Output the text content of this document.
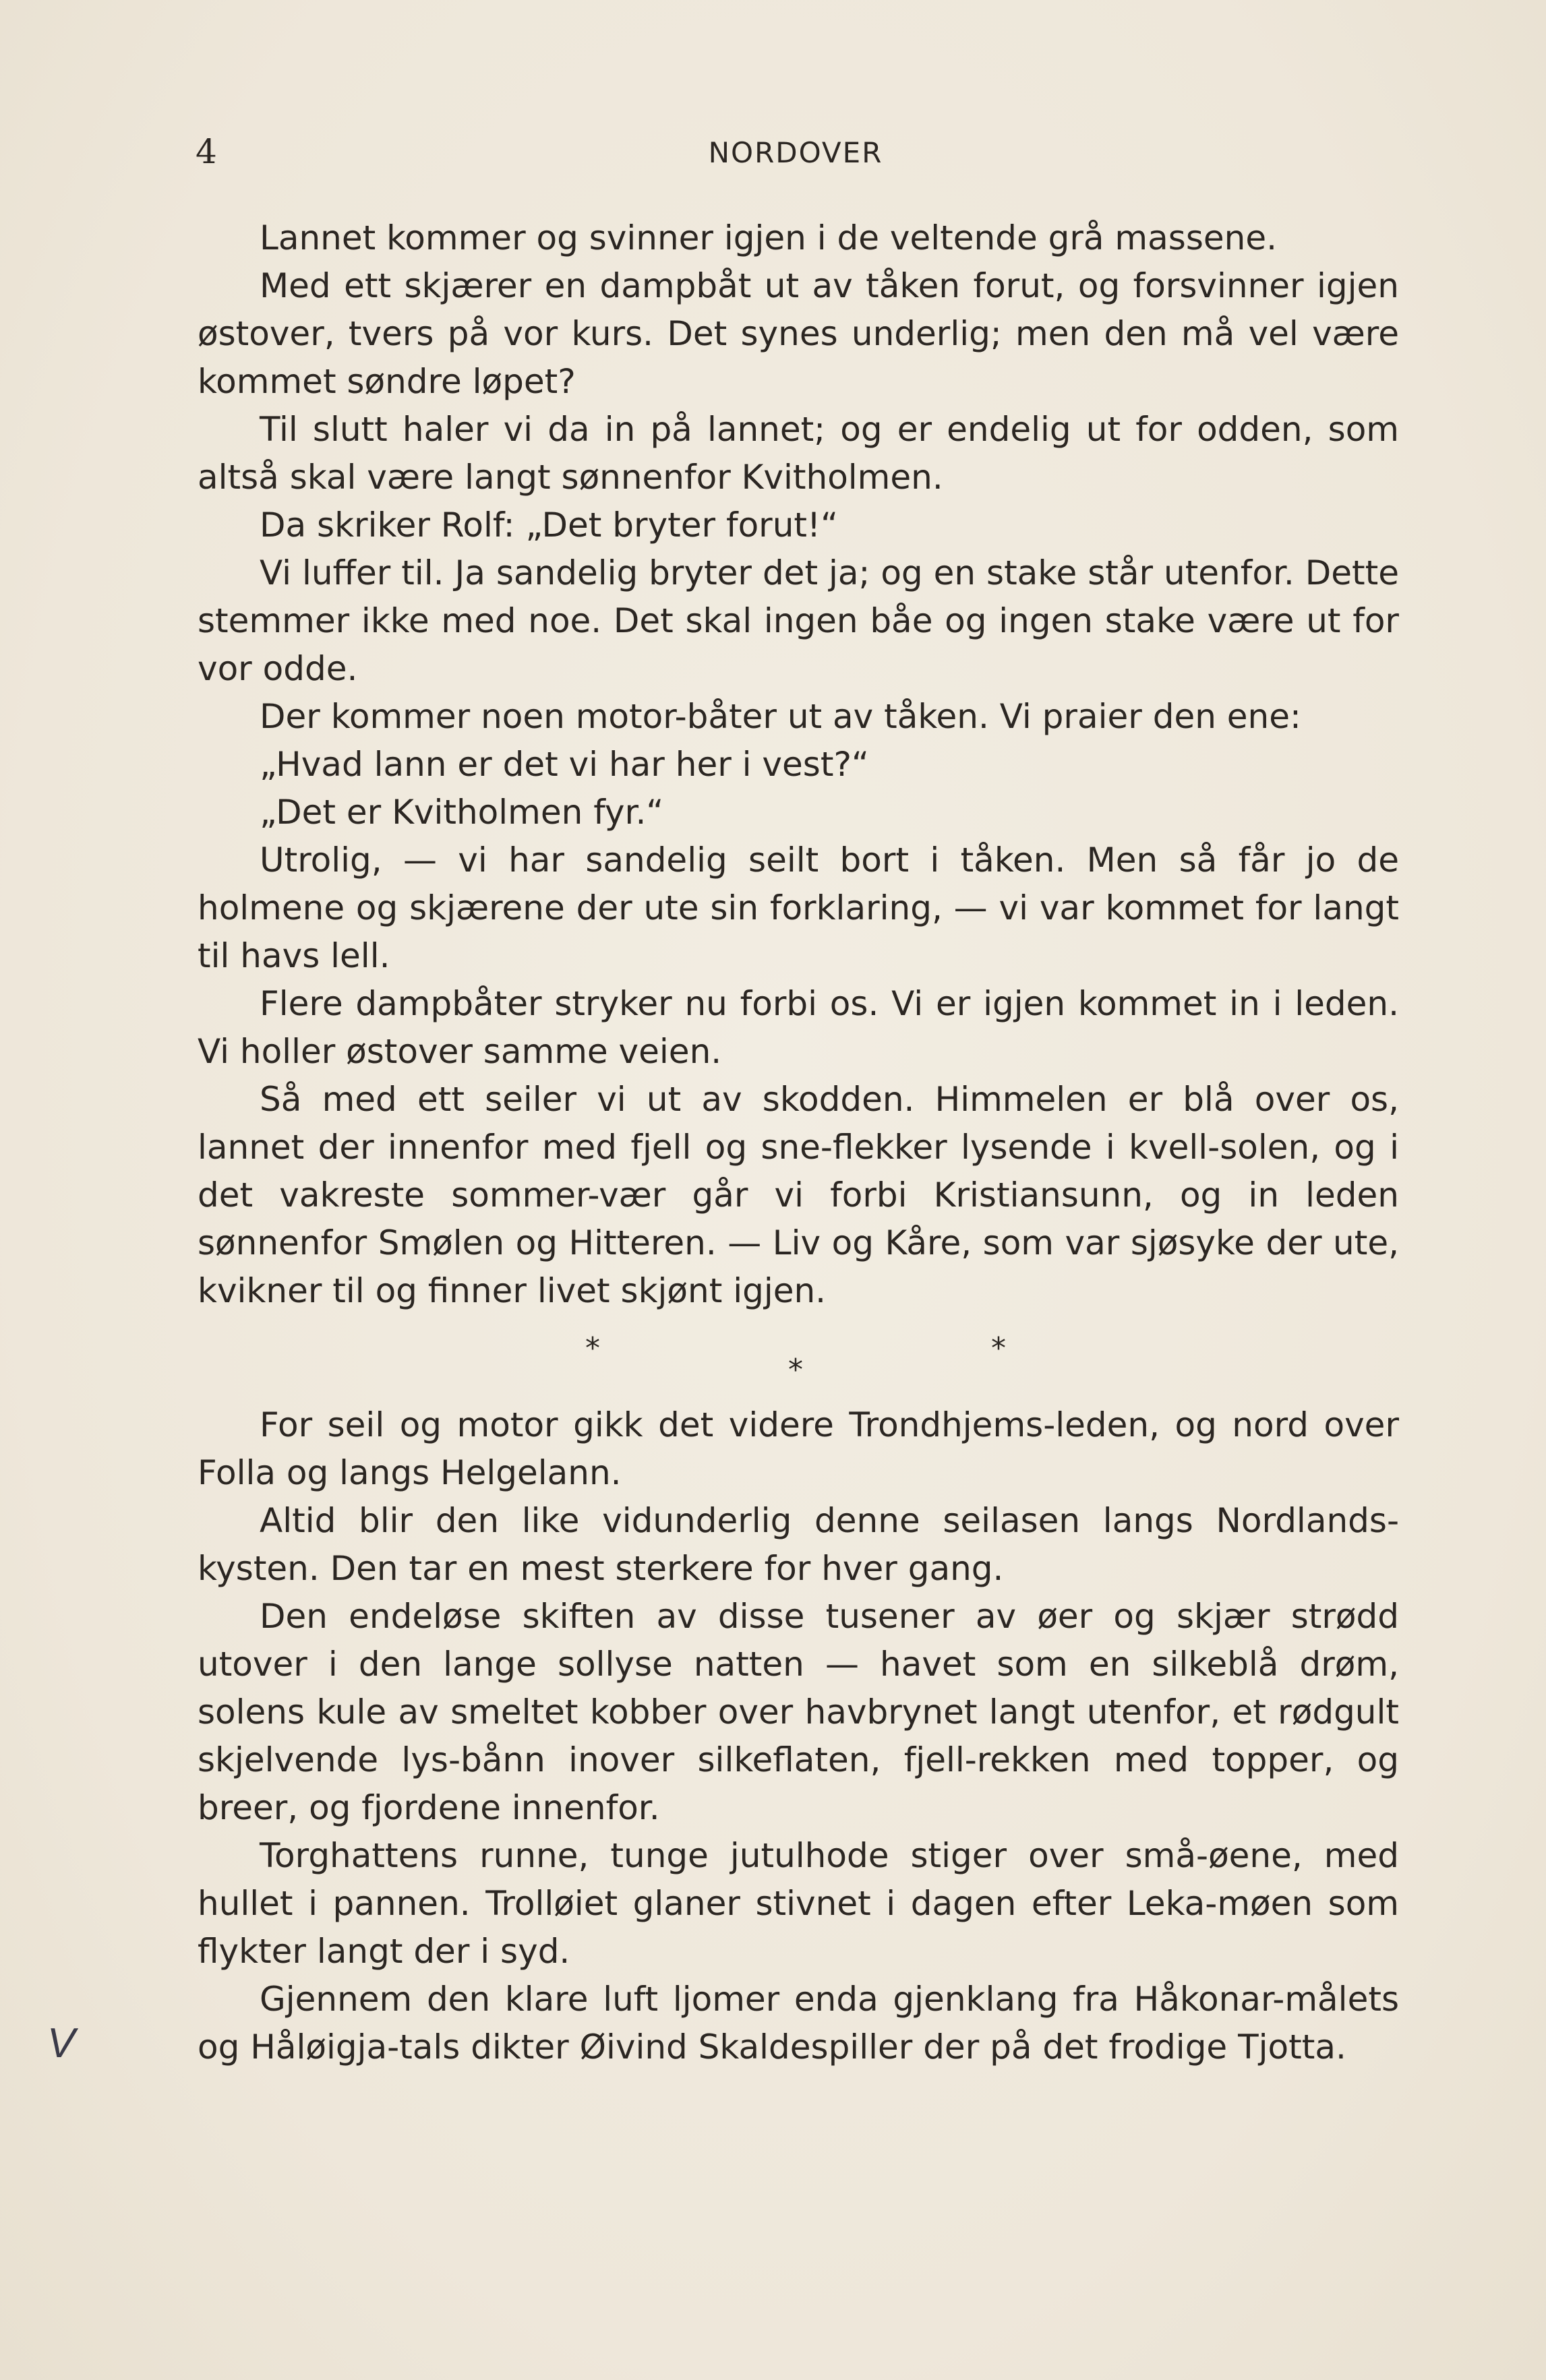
4	NORDOVER

Lannet kommer og svinner igjen i de veltende grå massene.

Med ett skjærer en dampbåt ut av tåken forut, og forsvinner igjen østover, tvers på vor kurs. Det synes underlig; men den må vel være kommet søndre løpet?

Til slutt haler vi da in på lannet; og er endelig ut for odden, som altså skal være langt sønnenfor Kvitholmen.

Da skriker Rolf: „Det bryter forut!“

Vi luffer til. Ja sandelig bryter det ja; og en stake står utenfor. Dette stemmer ikke med noe. Det skal ingen båe og ingen stake være ut for vor odde.

Der kommer noen motor-båter ut av tåken. Vi praier den ene:

„Hvad lann er det vi har her i vest?“

„Det er Kvitholmen fyr.“

Utrolig, — vi har sandelig seilt bort i tåken. Men så får jo de holmene og skjærene der ute sin forklaring, — vi var kommet for langt til havs lell.

Flere dampbåter stryker nu forbi os. Vi er igjen kommet in i leden. Vi holler østover samme veien.

Så med ett seiler vi ut av skodden. Himmelen er blå over os, lannet der innenfor med fjell og sne-flekker lysende i kvell-solen, og i det vakreste sommer-vær går vi forbi Kristiansunn, og in leden sønnenfor Smølen og Hitteren. — Liv og Kåre, som var sjøsyke der ute, kvikner til og finner livet skjønt igjen.

*	*
*

For seil og motor gikk det videre Trondhjems-leden, og nord over Folla og langs Helgelann.

Altid blir den like vidunderlig denne seilasen langs Nordlands-kysten. Den tar en mest sterkere for hver gang.

Den endeløse skiften av disse tusener av øer og skjær strødd utover i den lange sollyse natten — havet som en silkeblå drøm, solens kule av smeltet kobber over havbrynet langt utenfor, et rødgult skjelvende lys-bånn inover silkeflaten, fjell-rekken med topper, og breer, og fjordene innenfor.

Torghattens runne, tunge jutulhode stiger over små-øene, med hullet i pannen. Trolløiet glaner stivnet i dagen efter Leka-møen som flykter langt der i syd.

Gjennem den klare luft ljomer enda gjenklang fra Håkonar-målets og Håløigja-tals dikter Øivind Skaldespiller der på det frodige Tjotta.

V
